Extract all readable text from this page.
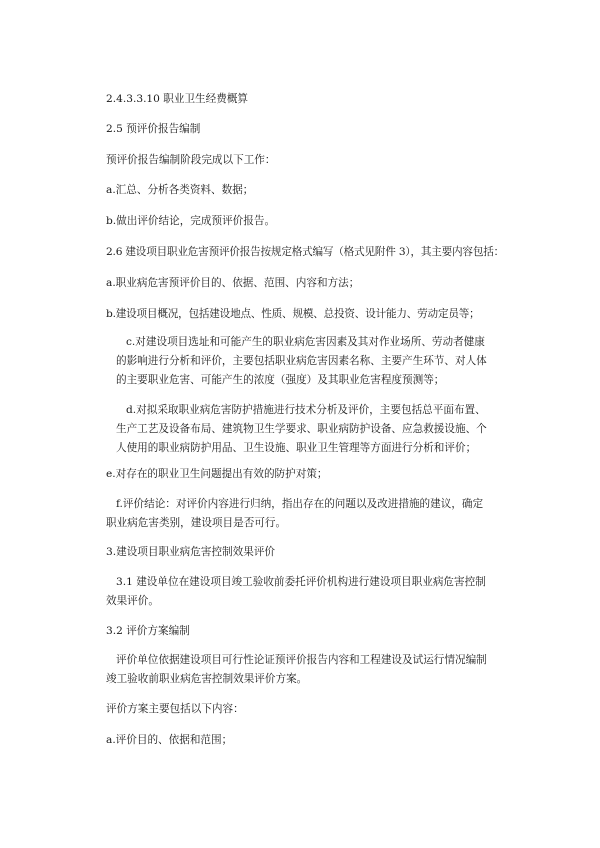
2.4.3.3.10 职业卫生经费概算

2.5 预评价报告编制

预评价报告编制阶段完成以下工作：

a.汇总、分析各类资料、数据；

b.做出评价结论，完成预评价报告。

2.6 建设项目职业危害预评价报告按规定格式编写（格式见附件 3），其主要内容包括：

a.职业病危害预评价目的、依据、范围、内容和方法；

b.建设项目概况，包括建设地点、性质、规模、总投资、设计能力、劳动定员等；

c.对建设项目选址和可能产生的职业病危害因素及其对作业场所、劳动者健康的影响进行分析和评价，主要包括职业病危害因素名称、主要产生环节、对人体的主要职业危害、可能产生的浓度（强度）及其职业危害程度预测等；

d.对拟采取职业病危害防护措施进行技术分析及评价，主要包括总平面布置、生产工艺及设备布局、建筑物卫生学要求、职业病防护设备、应急救援设施、个人使用的职业病防护用品、卫生设施、职业卫生管理等方面进行分析和评价；

e.对存在的职业卫生问题提出有效的防护对策；

f.评价结论：对评价内容进行归纳，指出存在的问题以及改进措施的建议，确定职业病危害类别，建设项目是否可行。

3.建设项目职业病危害控制效果评价

3.1 建设单位在建设项目竣工验收前委托评价机构进行建设项目职业病危害控制效果评价。

3.2 评价方案编制

评价单位依据建设项目可行性论证预评价报告内容和工程建设及试运行情况编制竣工验收前职业病危害控制效果评价方案。

评价方案主要包括以下内容：

a.评价目的、依据和范围；
